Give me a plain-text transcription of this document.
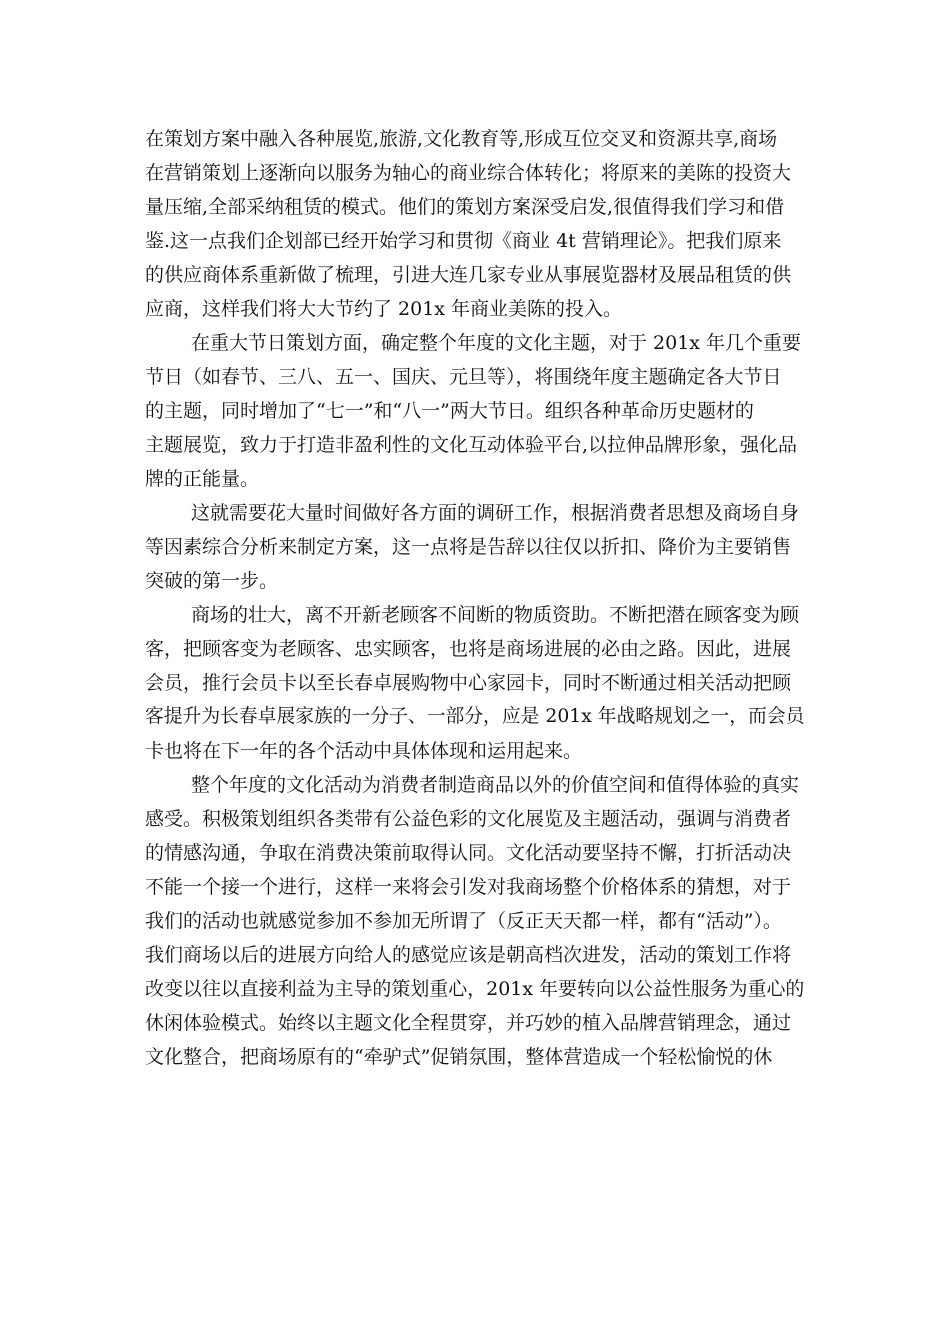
在策划方案中融入各种展览,旅游,文化教育等,形成互位交叉和资源共享,商场
在营销策划上逐渐向以服务为轴心的商业综合体转化；将原来的美陈的投资大
量压缩,全部采纳租赁的模式。他们的策划方案深受启发,很值得我们学习和借
鉴.这一点我们企划部已经开始学习和贯彻《商业 4t 营销理论》。把我们原来
的供应商体系重新做了梳理，引进大连几家专业从事展览器材及展品租赁的供
应商，这样我们将大大节约了 201x 年商业美陈的投入。
在重大节日策划方面，确定整个年度的文化主题，对于 201x 年几个重要
节日（如春节、三八、五一、国庆、元旦等），将围绕年度主题确定各大节日
的主题，同时增加了“七一”和“八一”两大节日。组织各种革命历史题材的
主题展览，致力于打造非盈利性的文化互动体验平台,以拉伸品牌形象，强化品
牌的正能量。
这就需要花大量时间做好各方面的调研工作，根据消费者思想及商场自身
等因素综合分析来制定方案，这一点将是告辞以往仅以折扣、降价为主要销售
突破的第一步。
商场的壮大，离不开新老顾客不间断的物质资助。不断把潜在顾客变为顾
客，把顾客变为老顾客、忠实顾客，也将是商场进展的必由之路。因此，进展
会员，推行会员卡以至长春卓展购物中心家园卡，同时不断通过相关活动把顾
客提升为长春卓展家族的一分子、一部分，应是 201x 年战略规划之一，而会员
卡也将在下一年的各个活动中具体体现和运用起来。
整个年度的文化活动为消费者制造商品以外的价值空间和值得体验的真实
感受。积极策划组织各类带有公益色彩的文化展览及主题活动，强调与消费者
的情感沟通，争取在消费决策前取得认同。文化活动要坚持不懈，打折活动决
不能一个接一个进行，这样一来将会引发对我商场整个价格体系的猜想，对于
我们的活动也就感觉参加不参加无所谓了（反正天天都一样，都有“活动”）。
我们商场以后的进展方向给人的感觉应该是朝高档次进发，活动的策划工作将
改变以往以直接利益为主导的策划重心，201x 年要转向以公益性服务为重心的
休闲体验模式。始终以主题文化全程贯穿，并巧妙的植入品牌营销理念，通过
文化整合，把商场原有的“牵驴式”促销氛围，整体营造成一个轻松愉悦的休
